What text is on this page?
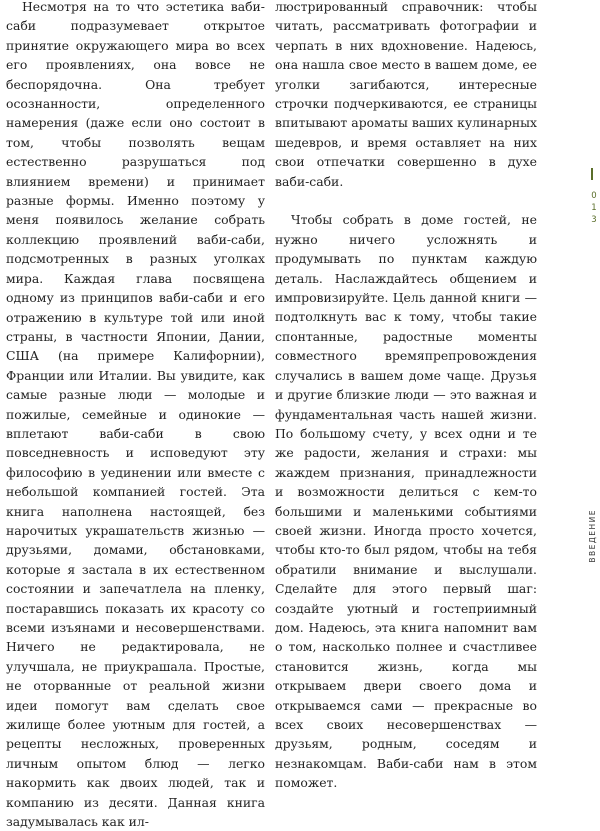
Несмотря на то что эстетика ваби-саби подразумевает открытое принятие окружающего мира во всех его проявлениях, она вовсе не беспорядочна. Она требует осознанности, определенного намерения (даже если оно состоит в том, чтобы позволять вещам естественно разрушаться под влиянием времени) и принимает разные формы. Именно поэтому у меня появилось желание собрать коллекцию проявлений ваби-саби, подсмотренных в разных уголках мира. Каждая глава посвящена одному из принципов ваби-саби и его отражению в культуре той или иной страны, в частности Японии, Дании, США (на примере Калифорнии), Франции или Италии. Вы увидите, как самые разные люди — молодые и пожилые, семейные и одинокие — вплетают ваби-саби в свою повседневность и исповедуют эту философию в уединении или вместе с небольшой компанией гостей. Эта книга наполнена настоящей, без нарочитых украшательств жизнью — друзьями, домами, обстановками, которые я застала в их естественном состоянии и запечатлела на пленку, постаравшись показать их красоту со всеми изъянами и несовершенствами. Ничего не редактировала, не улучшала, не приукрашала. Простые, не оторванные от реальной жизни идеи помогут вам сделать свое жилище более уютным для гостей, а рецепты несложных, проверенных личным опытом блюд — легко накормить как двоих людей, так и компанию из десяти. Данная книга задумывалась как ил-

люстрированный справочник: чтобы читать, рассматривать фотографии и черпать в них вдохновение. Надеюсь, она нашла свое место в вашем доме, ее уголки загибаются, интересные строчки подчеркиваются, ее страницы впитывают ароматы ваших кулинарных шедевров, и время оставляет на них свои отпечатки совершенно в духе ваби-саби.

Чтобы собрать в доме гостей, не нужно ничего усложнять и продумывать по пунктам каждую деталь. Наслаждайтесь общением и импровизируйте. Цель данной книги — подтолкнуть вас к тому, чтобы такие спонтанные, радостные моменты совместного времяпрепровождения случались в вашем доме чаще. Друзья и другие близкие люди — это важная и фундаментальная часть нашей жизни. По большому счету, у всех одни и те же радости, желания и страхи: мы жаждем признания, принадлежности и возможности делиться с кем-то большими и маленькими событиями своей жизни. Иногда просто хочется, чтобы кто-то был рядом, чтобы на тебя обратили внимание и выслушали. Сделайте для этого первый шаг: создайте уютный и гостеприимный дом. Надеюсь, эта книга напомнит вам о том, насколько полнее и счастливее становится жизнь, когда мы открываем двери своего дома и открываемся сами — прекрасные во всех своих несовершенствах — друзьям, родным, соседям и незнакомцам. Ваби-саби нам в этом поможет.

0
1
3
ВВЕДЕНИЕ
